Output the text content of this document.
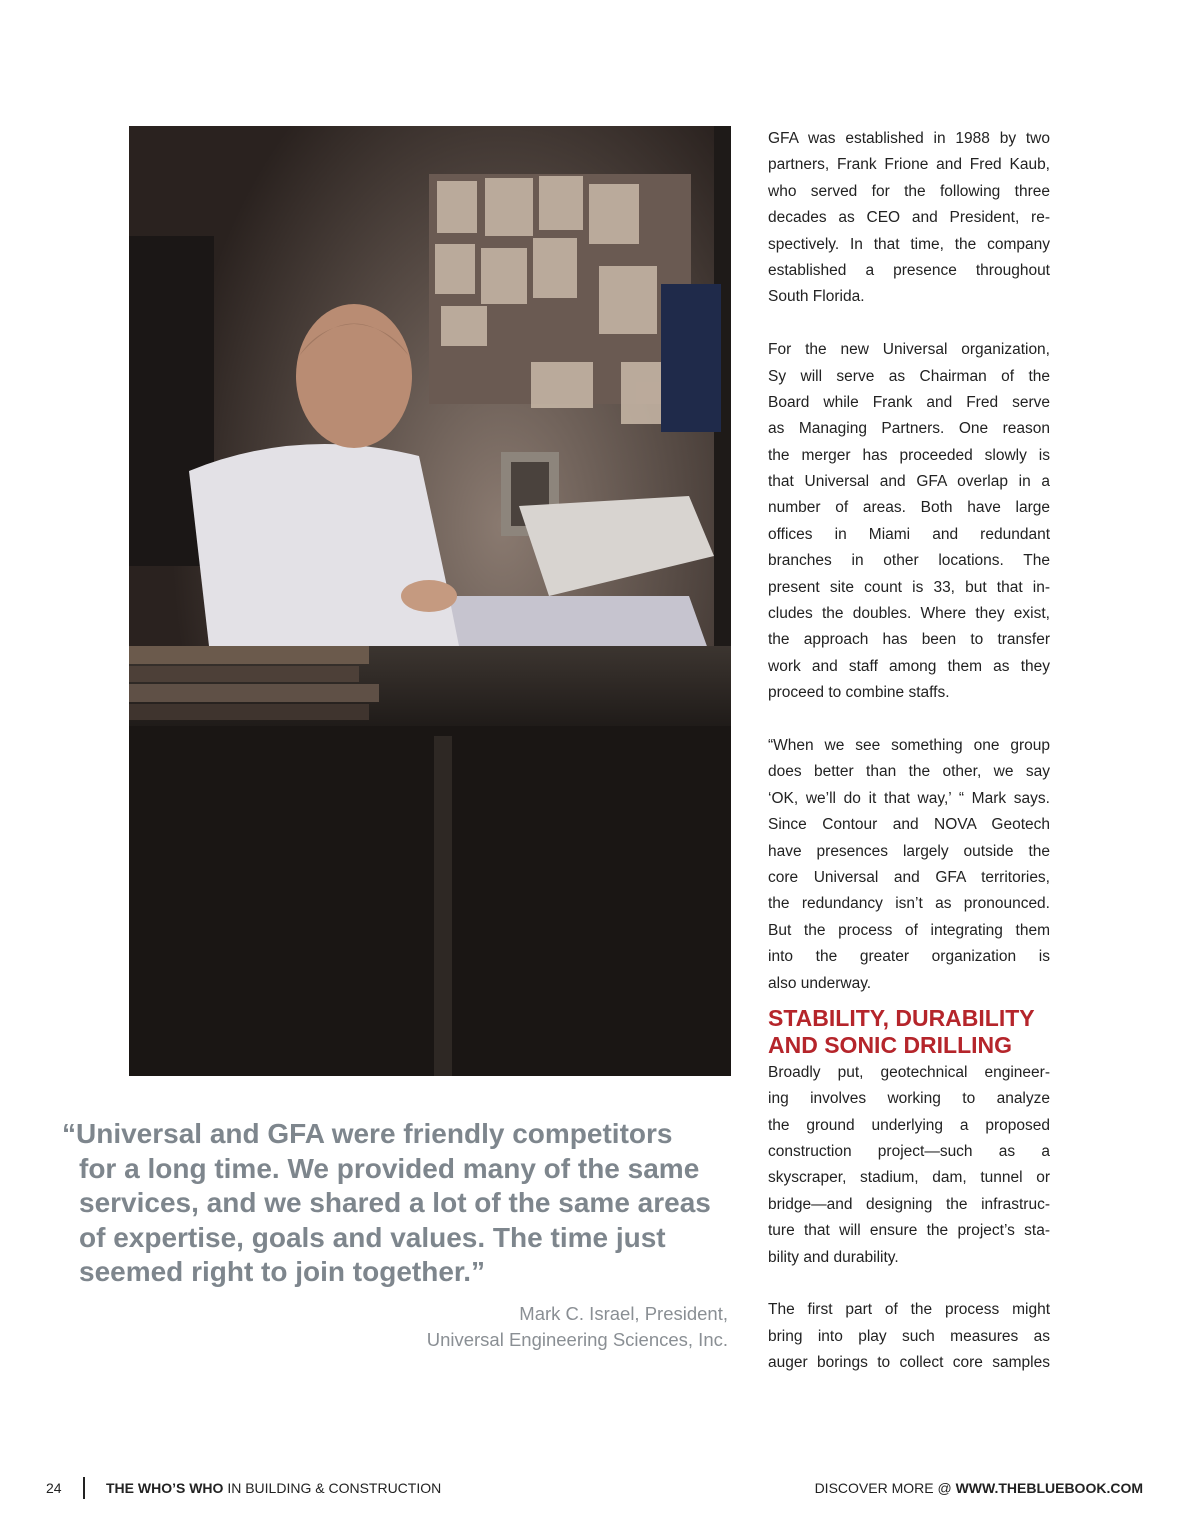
“Universal and GFA were friendly competitors
for a long time. We provided many of the same
services, and we shared a lot of the same areas
of expertise, goals and values. The time just
seemed right to join together.”
Mark C. Israel, President,
Universal Engineering Sciences, Inc.
GFA was established in 1988 by two
partners, Frank Frione and Fred Kaub,
who served for the following three
decades as CEO and President, re-
spectively. In that time, the company
established a presence throughout
South Florida.
For the new Universal organization,
Sy will serve as Chairman of the
Board while Frank and Fred serve
as Managing Partners. One reason
the merger has proceeded slowly is
that Universal and GFA overlap in a
number of areas. Both have large
offices in Miami and redundant
branches in other locations. The
present site count is 33, but that in-
cludes the doubles. Where they exist,
the approach has been to transfer
work and staff among them as they
proceed to combine staffs.
“When we see something one group
does better than the other, we say
‘OK, we’ll do it that way,’ “ Mark says.
Since Contour and NOVA Geotech
have presences largely outside the
core Universal and GFA territories,
the redundancy isn’t as pronounced.
But the process of integrating them
into the greater organization is
also underway.
STABILITY, DURABILITY
AND SONIC DRILLING
Broadly put, geotechnical engineer-
ing involves working to analyze
the ground underlying a proposed
construction project—such as a
skyscraper, stadium, dam, tunnel or
bridge—and designing the infrastruc-
ture that will ensure the project’s sta-
bility and durability.
The first part of the process might
bring into play such measures as
auger borings to collect core samples
24	THE WHO’S WHO IN BUILDING & CONSTRUCTION	DISCOVER MORE @ WWW.THEBLUEBOOK.COM
